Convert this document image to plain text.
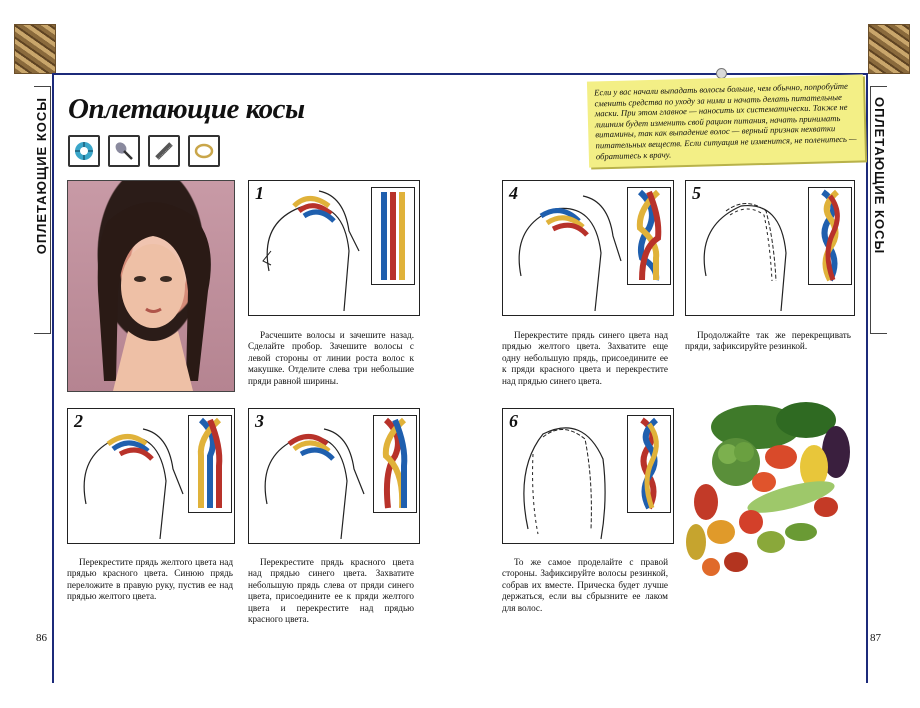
ОПЛЕТАЮЩИЕ КОСЫ	ОПЛЕТАЮЩИЕ КОСЫ
Оплетающие косы
1
Расчешите волосы и зачешите назад. Сделайте пробор. Зачешите волосы с левой стороны от линии роста волос к макушке. Отделите слева три небольшие пряди равной ширины.
2
Перекрестите прядь желтого цвета над прядью красного цвета. Синюю прядь переложите в правую руку, пустив ее над прядью желтого цвета.
3
Перекрестите прядь красного цвета над прядью синего цвета. Захватите небольшую прядь слева от пряди синего цвета, присоедините ее к пряди желтого цвета и перекрестите над прядью красного цвета.
Если у вас начали выпадать волосы больше, чем обычно, попробуйте сменить средства по уходу за ними и начать делать питательные маски. При этом главное — наносить их систематически. Также не лишним будет изменить свой рацион питания, начать принимать витамины, так как выпадение волос — верный признак нехватки питательных веществ. Если ситуация не изменится, не поленитесь — обратитесь к врачу.
4
Перекрестите прядь синего цвета над прядью желтого цвета. Захватите еще одну небольшую прядь, присоедините ее к пряди красного цвета и перекрестите над прядью синего цвета.
5
Продолжайте так же перекрещивать пряди, зафиксируйте резинкой.
6
То же самое проделайте с правой стороны. Зафиксируйте волосы резинкой, собрав их вместе. Прическа будет лучше держаться, если вы сбрызните ее лаком для волос.
86	87
